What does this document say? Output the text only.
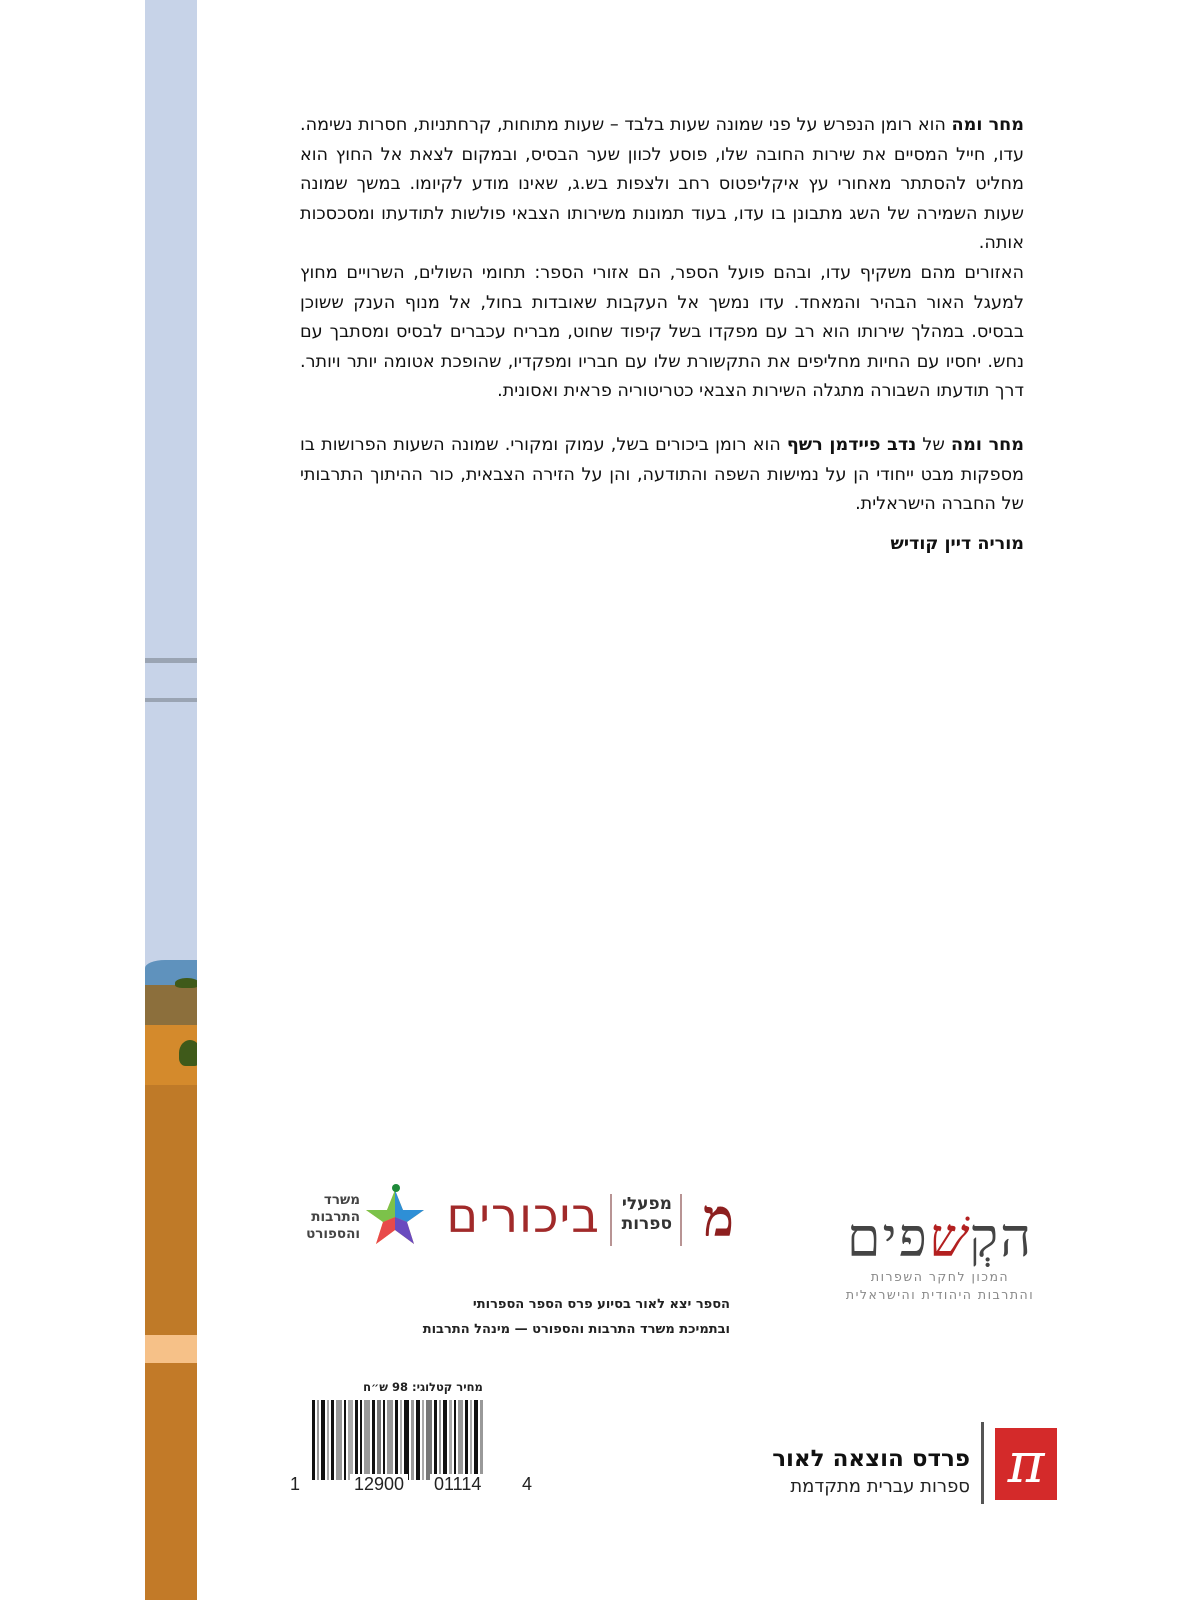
מחר ומה הוא רומן הנפרש על פני שמונה שעות בלבד – שעות מתוחות, קרחתניות, חסרות נשימה. עדו, חייל המסיים את שירות החובה שלו, פוסע לכוון שער הבסיס, ובמקום לצאת אל החוץ הוא מחליט להסתתר מאחורי עץ איקליפטוס רחב ולצפות בש.ג, שאינו מודע לקיומו. במשך שמונה שעות השמירה של השג מתבונן בו עדו, בעוד תמונות משירותו הצבאי פולשות לתודעתו ומסכסכות אותה.

האזורים מהם משקיף עדו, ובהם פועל הספר, הם אזורי הספר: תחומי השולים, השרויים מחוץ למעגל האור הבהיר והמאחד. עדו נמשך אל העקבות שאובדות בחול, אל מנוף הענק ששוכן בבסיס. במהלך שירותו הוא רב עם מפקדו בשל קיפוד שחוט, מבריח עכברים לבסיס ומסתבך עם נחש. יחסיו עם החיות מחליפים את התקשורת שלו עם חבריו ומפקדיו, שהופכת אטומה יותר ויותר. דרך תודעתו השבורה מתגלה השירות הצבאי כטריטוריה פראית ואסונית.

מחר ומה של נדב פיידמן רשף הוא רומן ביכורים בשל, עמוק ומקורי. שמונה השעות הפרושות בו מספקות מבט ייחודי הן על נמישות השפה והתודעה, והן על הזירה הצבאית, כור ההיתוך התרבותי של החברה הישראלית.

מוריה דיין קודיש

הקְשׁפים
המכון לחקר השפרות
והתרבות היהודית והישראלית
מ
מפעלי
ספרות
ביכורים
משרד
התרבות
והספורט
הספר יצא לאור בסיוע פרס הספר הספרותי
ובתמיכת משרד התרבות והספורט — מינהל התרבות
מחיר קטלוגי: 98 ש״ח
1	12900 01114 4	π
פרדס הוצאה לאור
ספרות עברית מתקדמת
